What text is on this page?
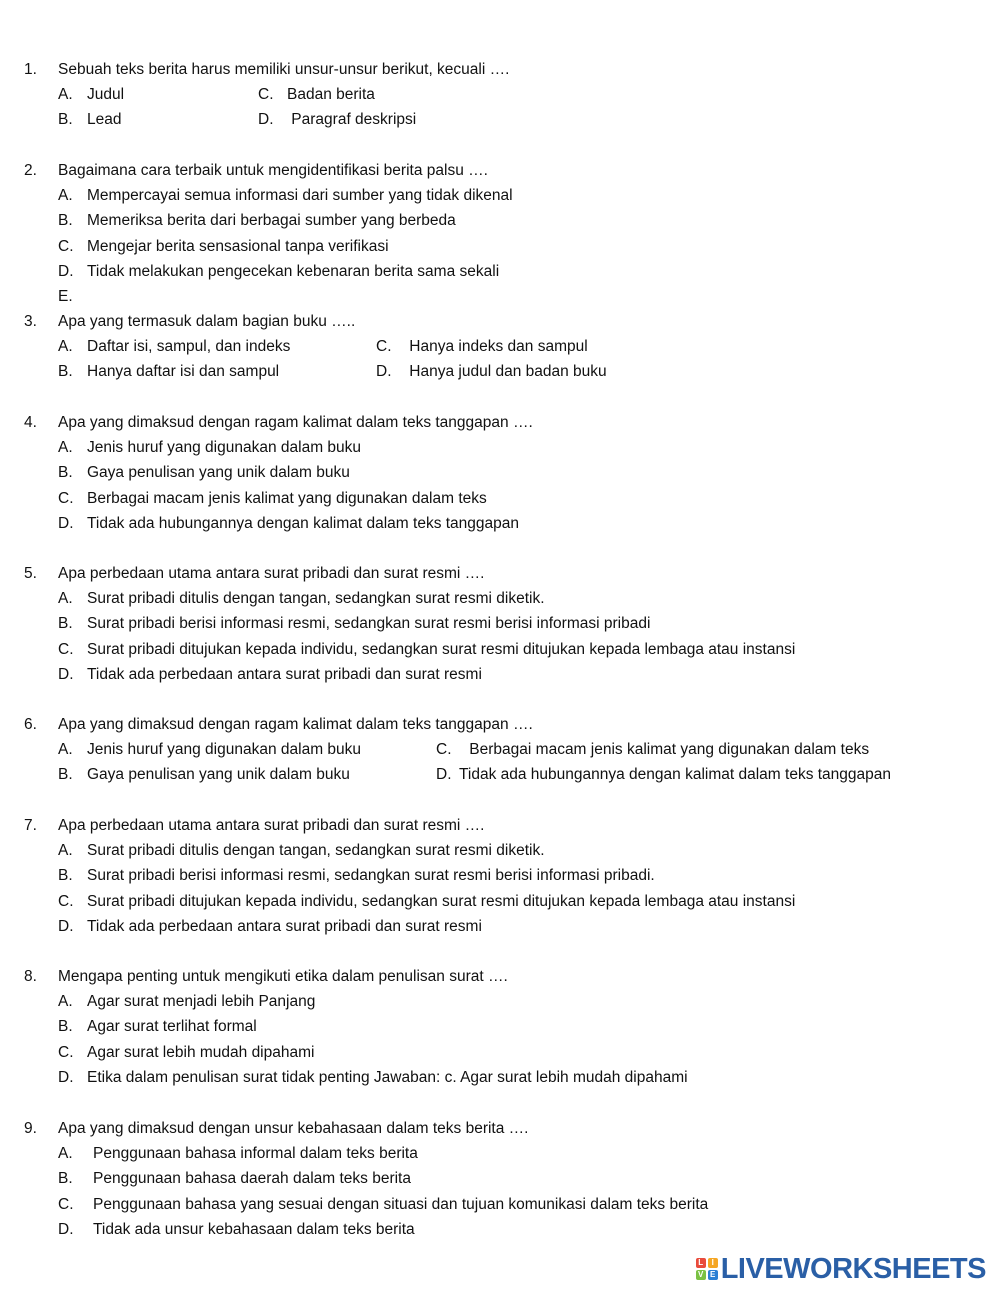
1. Sebuah teks berita harus memiliki unsur-unsur berikut, kecuali ….
A. Judul	C. Badan berita
B. Lead	D. Paragraf deskripsi
2. Bagaimana cara terbaik untuk mengidentifikasi berita palsu ….
A. Mempercayai semua informasi dari sumber yang tidak dikenal
B. Memeriksa berita dari berbagai sumber yang berbeda
C. Mengejar berita sensasional tanpa verifikasi
D. Tidak melakukan pengecekan kebenaran berita sama sekali
E.
3. Apa yang termasuk dalam bagian buku …..
A. Daftar isi, sampul, dan indeks	C. Hanya indeks dan sampul
B. Hanya daftar isi dan sampul	D. Hanya judul dan badan buku
4. Apa yang dimaksud dengan ragam kalimat dalam teks tanggapan ….
A. Jenis huruf yang digunakan dalam buku
B. Gaya penulisan yang unik dalam buku
C. Berbagai macam jenis kalimat yang digunakan dalam teks
D. Tidak ada hubungannya dengan kalimat dalam teks tanggapan
5. Apa perbedaan utama antara surat pribadi dan surat resmi ….
A. Surat pribadi ditulis dengan tangan, sedangkan surat resmi diketik.
B. Surat pribadi berisi informasi resmi, sedangkan surat resmi berisi informasi pribadi
C. Surat pribadi ditujukan kepada individu, sedangkan surat resmi ditujukan kepada lembaga atau instansi
D. Tidak ada perbedaan antara surat pribadi dan surat resmi
6. Apa yang dimaksud dengan ragam kalimat dalam teks tanggapan ….
A. Jenis huruf yang digunakan dalam buku	C. Berbagai macam jenis kalimat yang digunakan dalam teks
B. Gaya penulisan yang unik dalam buku	D. Tidak ada hubungannya dengan kalimat dalam teks tanggapan
7. Apa perbedaan utama antara surat pribadi dan surat resmi ….
A. Surat pribadi ditulis dengan tangan, sedangkan surat resmi diketik.
B. Surat pribadi berisi informasi resmi, sedangkan surat resmi berisi informasi pribadi.
C. Surat pribadi ditujukan kepada individu, sedangkan surat resmi ditujukan kepada lembaga atau instansi
D. Tidak ada perbedaan antara surat pribadi dan surat resmi
8. Mengapa penting untuk mengikuti etika dalam penulisan surat ….
A. Agar surat menjadi lebih Panjang
B. Agar surat terlihat formal
C. Agar surat lebih mudah dipahami
D. Etika dalam penulisan surat tidak penting Jawaban: c. Agar surat lebih mudah dipahami
9. Apa yang dimaksud dengan unsur kebahasaan dalam teks berita ….
A. Penggunaan bahasa informal dalam teks berita
B. Penggunaan bahasa daerah dalam teks berita
C. Penggunaan bahasa yang sesuai dengan situasi dan tujuan komunikasi dalam teks berita
D. Tidak ada unsur kebahasaan dalam teks berita
L	I
V E LIVEWORKSHEETS
